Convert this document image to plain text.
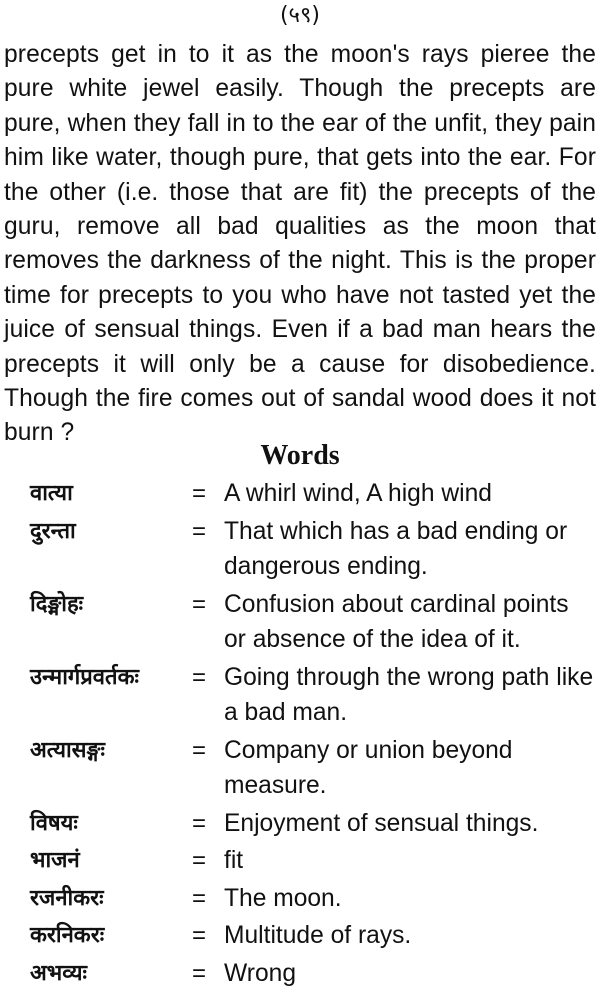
(५९)

precepts get in to it as the moon's rays pieree the pure white jewel easily. Though the precepts are pure, when they fall in to the ear of the unfit, they pain him like water, though pure, that gets into the ear. For the other (i.e. those that are fit) the precepts of the guru, remove all bad qualities as the moon that removes the darkness of the night. This is the proper time for precepts to you who have not tasted yet the juice of sensual things. Even if a bad man hears the precepts it will only be a cause for disobedience. Though the fire comes out of sandal wood does it not burn ?

Words
वात्या	= A whirl wind, A high wind
दुरन्ता	= That which has a bad ending or dangerous ending.
दिङ्मोहः	= Confusion about cardinal points or absence of the idea of it.
उन्मार्गप्रवर्तकः	= Going through the wrong path like a bad man.
अत्यासङ्गः	= Company or union beyond measure.
विषयः	= Enjoyment of sensual things.
भाजनं	= fit
रजनीकरः	= The moon.
करनिकरः	= Multitude of rays.
अभव्यः	= Wrong
